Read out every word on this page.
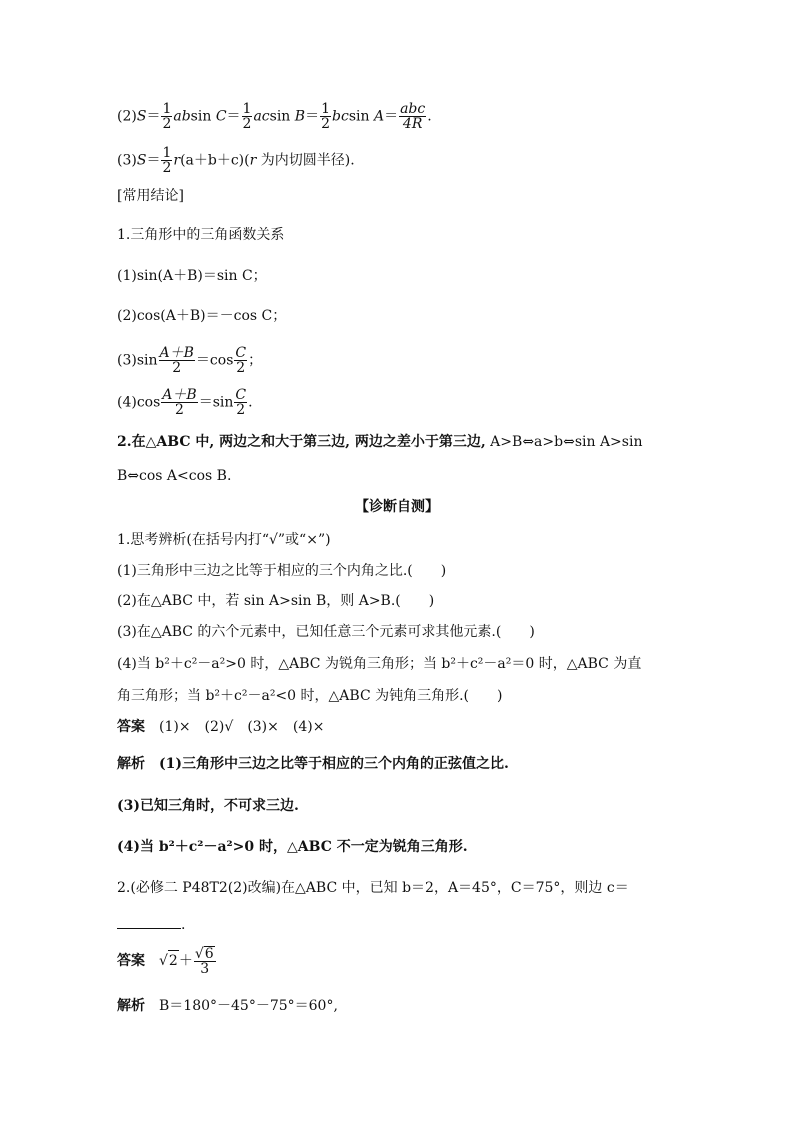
$(2)S= \frac{1}{2}$ absin $C= \frac{1}{2}$ acsin $B= \frac{1}{2}$ bcsin $A= \frac{\text{abc}}{4R}$ .
$(3)S= \frac{1}{2} r(a+b+c)(r$ 为内切圆半径).
[常用结论]
1.三角形中的三角函数关系
(1)sin(A＋B)＝sin C；
(2)cos(A＋B)＝－cos C；
$(3)\sin \frac{A+B}{2} =\cos \frac{C}{2}$ ；
$(4)\cos \frac{A+B}{2} =\sin \frac{C}{2}$ .
2.在△ABC 中, 两边之和大于第三边, 两边之差小于第三边, A>B⇔a>b⇔sin A>sin
B⇔cos A<cos B.
【诊断自测】
1.思考辨析(在括号内打“√”或“×”)
(1)三角形中三边之比等于相应的三个内角之比.(　　)
(2)在△ABC 中，若 sin A>sin B，则 A>B.(　　)
(3)在△ABC 的六个元素中，已知任意三个元素可求其他元素.(　　)
(4)当 b²＋c²－a²>0 时，△ABC 为锐角三角形；当 b²＋c²－a²＝0 时，△ABC 为直
角三角形；当 b²＋c²－a²<0 时，△ABC 为钝角三角形.(　　)
答案 (1)×　(2)√　(3)×　(4)×
解析 (1)三角形中三边之比等于相应的三个内角的正弦值之比.
(3)已知三角时，不可求三边.
(4)当 b²＋c²－a²>0 时，△ABC 不一定为锐角三角形.
2.(必修二 P48T2(2)改编)在△ABC 中，已知 b＝2，A＝45°，C＝75°，则边 c＝
.
答案 $√2+ \frac{√6}{3}$
解析 B＝180°－45°－75°＝60°,
